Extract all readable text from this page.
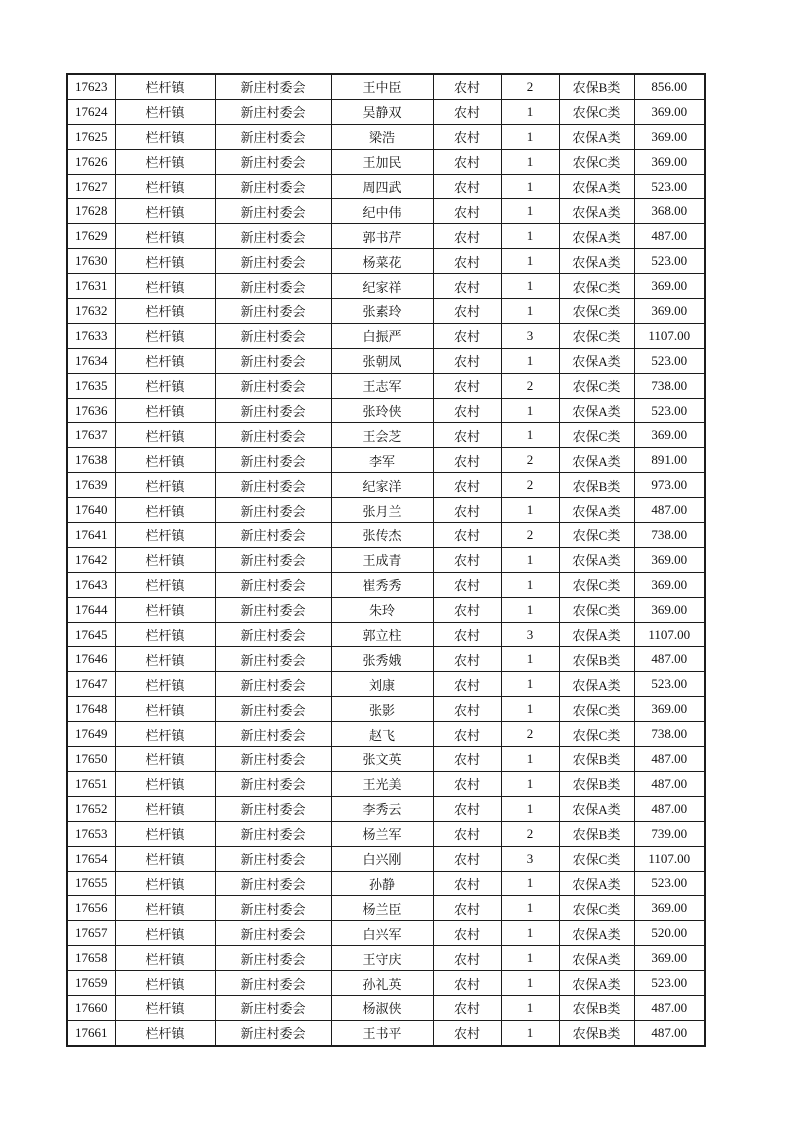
17623	栏杆镇	新庄村委会	王中臣	农村	2	农保B类	856.00
17624	栏杆镇	新庄村委会	吴静双	农村	1	农保C类	369.00
17625	栏杆镇	新庄村委会	梁浩	农村	1	农保A类	369.00
17626	栏杆镇	新庄村委会	王加民	农村	1	农保C类	369.00
17627	栏杆镇	新庄村委会	周四武	农村	1	农保A类	523.00
17628	栏杆镇	新庄村委会	纪中伟	农村	1	农保A类	368.00
17629	栏杆镇	新庄村委会	郭书芹	农村	1	农保A类	487.00
17630	栏杆镇	新庄村委会	杨菜花	农村	1	农保A类	523.00
17631	栏杆镇	新庄村委会	纪家祥	农村	1	农保C类	369.00
17632	栏杆镇	新庄村委会	张素玲	农村	1	农保C类	369.00
17633	栏杆镇	新庄村委会	白振严	农村	3	农保C类	1107.00
17634	栏杆镇	新庄村委会	张朝凤	农村	1	农保A类	523.00
17635	栏杆镇	新庄村委会	王志军	农村	2	农保C类	738.00
17636	栏杆镇	新庄村委会	张玲侠	农村	1	农保A类	523.00
17637	栏杆镇	新庄村委会	王会芝	农村	1	农保C类	369.00
17638	栏杆镇	新庄村委会	李军	农村	2	农保A类	891.00
17639	栏杆镇	新庄村委会	纪家洋	农村	2	农保B类	973.00
17640	栏杆镇	新庄村委会	张月兰	农村	1	农保A类	487.00
17641	栏杆镇	新庄村委会	张传杰	农村	2	农保C类	738.00
17642	栏杆镇	新庄村委会	王成青	农村	1	农保A类	369.00
17643	栏杆镇	新庄村委会	崔秀秀	农村	1	农保C类	369.00
17644	栏杆镇	新庄村委会	朱玲	农村	1	农保C类	369.00
17645	栏杆镇	新庄村委会	郭立柱	农村	3	农保A类	1107.00
17646	栏杆镇	新庄村委会	张秀娥	农村	1	农保B类	487.00
17647	栏杆镇	新庄村委会	刘康	农村	1	农保A类	523.00
17648	栏杆镇	新庄村委会	张影	农村	1	农保C类	369.00
17649	栏杆镇	新庄村委会	赵飞	农村	2	农保C类	738.00
17650	栏杆镇	新庄村委会	张文英	农村	1	农保B类	487.00
17651	栏杆镇	新庄村委会	王光美	农村	1	农保B类	487.00
17652	栏杆镇	新庄村委会	李秀云	农村	1	农保A类	487.00
17653	栏杆镇	新庄村委会	杨兰军	农村	2	农保B类	739.00
17654	栏杆镇	新庄村委会	白兴刚	农村	3	农保C类	1107.00
17655	栏杆镇	新庄村委会	孙静	农村	1	农保A类	523.00
17656	栏杆镇	新庄村委会	杨兰臣	农村	1	农保C类	369.00
17657	栏杆镇	新庄村委会	白兴军	农村	1	农保A类	520.00
17658	栏杆镇	新庄村委会	王守庆	农村	1	农保A类	369.00
17659	栏杆镇	新庄村委会	孙礼英	农村	1	农保A类	523.00
17660	栏杆镇	新庄村委会	杨淑侠	农村	1	农保B类	487.00
17661	栏杆镇	新庄村委会	王书平	农村	1	农保B类	487.00
